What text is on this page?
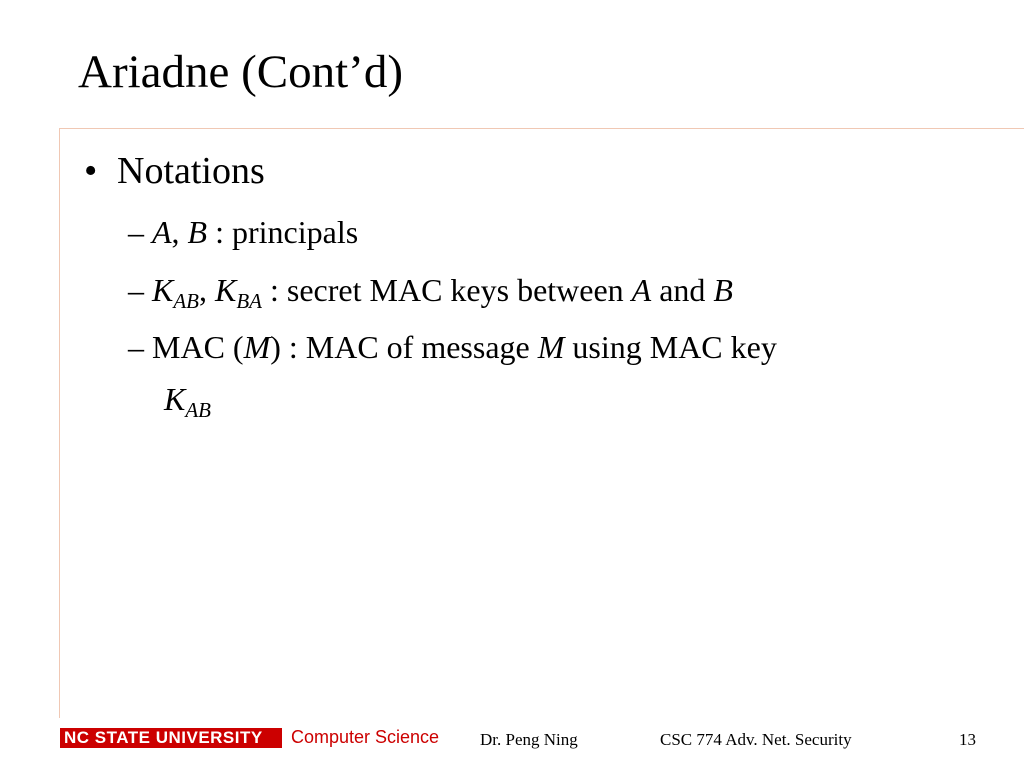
Ariadne (Cont’d)
• Notations
– A, B : principals
– $K_{AB}$, $K_{BA}$ : secret MAC keys between A and B
– MAC (M) : MAC of message M using MAC key
$K_{AB}$
NC STATE UNIVERSITY Computer Science Dr. Peng Ning	CSC 774 Adv. Net. Security	13
